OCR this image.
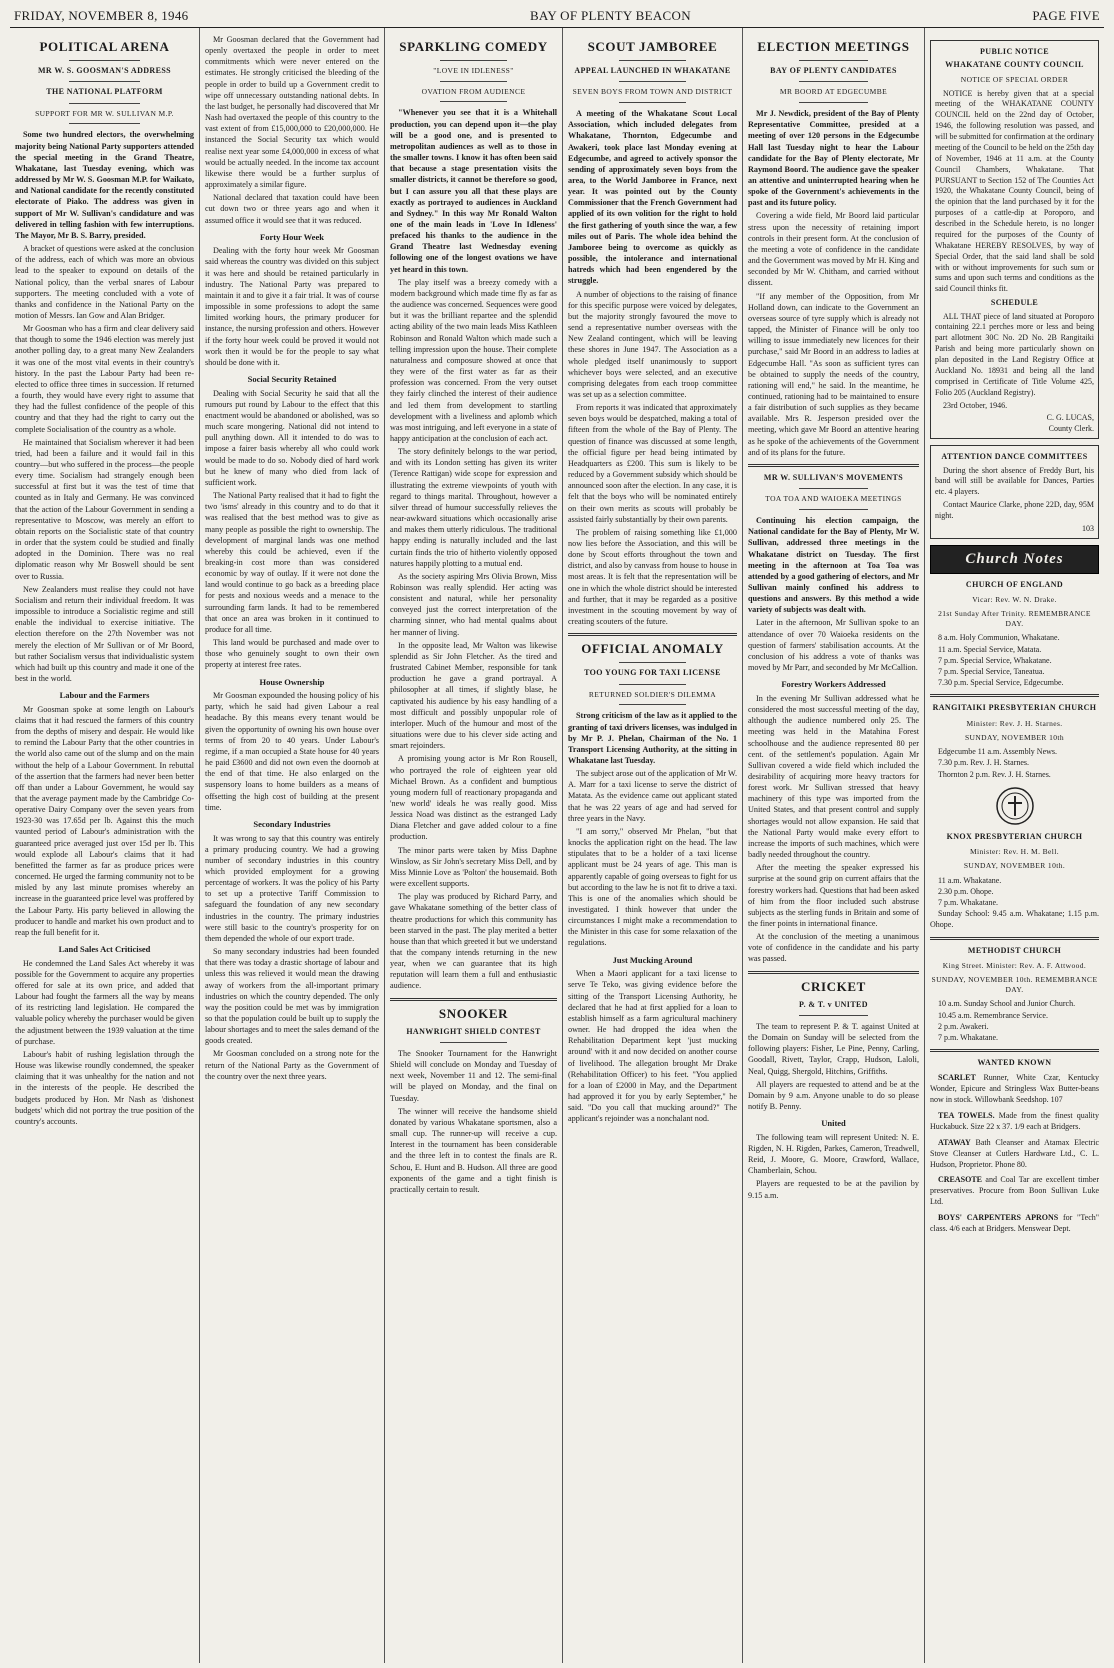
FRIDAY, NOVEMBER 8, 1946	BAY OF PLENTY BEACON	PAGE FIVE
POLITICAL ARENA
MR W. S. GOOSMAN'S ADDRESS
THE NATIONAL PLATFORM
SUPPORT FOR MR W. SULLIVAN M.P.

Some two hundred electors, the overwhelming majority being National Party supporters attended the special meeting in the Grand Theatre, Whakatane, last Tuesday evening, which was addressed by Mr W. S. Goosman M.P. for Waikato, and National candidate for the recently constituted electorate of Piako. The address was given in support of Mr W. Sullivan's candidature and was delivered in telling fashion with few interruptions. The Mayor, Mr B. S. Barry, presided.

A bracket of questions were asked at the conclusion of the address, each of which was more an obvious lead to the speaker to expound on details of the National policy, than the verbal snares of Labour supporters. The meeting concluded with a vote of thanks and confidence in the National Party on the motion of Messrs. Ian Gow and Alan Bridger.

Mr Goosman who has a firm and clear delivery said that though to some the 1946 election was merely just another polling day, to a great many New Zealanders it was one of the most vital events in their country's history. In the past the Labour Party had been re-elected to office three times in succession. If returned a fourth, they would have every right to assume that they had the fullest confidence of the people of this country and that they had the right to carry out the complete Socialisation of the country as a whole.

He maintained that Socialism wherever it had been tried, had been a failure and it would fail in this country—but who suffered in the process—the people every time. Socialism had strangely enough been successful at first but it was the test of time that counted as in Italy and Germany. He was convinced that the action of the Labour Government in sending a representative to Moscow, was merely an effort to obtain reports on the Socialistic state of that country in order that the system could be studied and finally adopted in the Dominion. There was no real diplomatic reason why Mr Boswell should be sent over to Russia.

New Zealanders must realise they could not have Socialism and return their individual freedom. It was impossible to introduce a Socialistic regime and still enable the individual to exercise initiative. The election therefore on the 27th November was not merely the election of Mr Sullivan or of Mr Boord, but rather Socialism versus that individualistic system which had built up this country and made it one of the best in the world.

Labour and the Farmers

Mr Goosman spoke at some length on Labour's claims that it had rescued the farmers of this country from the depths of misery and despair. He would like to remind the Labour Party that the other countries in the world also came out of the slump and on the main without the help of a Labour Government. In rebuttal of the assertion that the farmers had never been better off than under a Labour Government, he would say that the average payment made by the Cambridge Co-operative Dairy Company over the seven years from 1923-30 was 17.65d per lb. Against this the much vaunted period of Labour's administration with the guaranteed price averaged just over 15d per lb. This would explode all Labour's claims that it had benefitted the farmer as far as produce prices were concerned. He urged the farming community not to be misled by any last minute promises whereby an increase in the guaranteed price level was proffered by the Labour Party. His party believed in allowing the producer to handle and market his own product and to reap the full benefit for it.

Land Sales Act Criticised

He condemned the Land Sales Act whereby it was possible for the Government to acquire any properties offered for sale at its own price, and added that Labour had fought the farmers all the way by means of its restricting land legislation. He compared the valuable policy whereby the purchaser would be given the adjustment between the 1939 valuation at the time of purchase.

Labour's habit of rushing legislation through the House was likewise roundly condemned, the speaker claiming that it was unhealthy for the nation and not in the interests of the people. He described the budgets produced by Hon. Mr Nash as 'dishonest budgets' which did not portray the true position of the country's accounts.

Mr Goosman declared that the Government had openly overtaxed the people in order to meet commitments which were never entered on the estimates. He strongly criticised the bleeding of the people in order to build up a Government credit to wipe off unnecessary outstanding national debts. In the last budget, he personally had discovered that Mr Nash had overtaxed the people of this country to the vast extent of from £15,000,000 to £20,000,000. He instanced the Social Security tax which would realise next year some £4,000,000 in excess of what would be actually needed. In the income tax account likewise there would be a further surplus of approximately a similar figure.

National declared that taxation could have been cut down two or three years ago and when it assumed office it would see that it was reduced.

Forty Hour Week

Dealing with the forty hour week Mr Goosman said whereas the country was divided on this subject it was here and should be retained particularly in industry. The National Party was prepared to maintain it and to give it a fair trial. It was of course impossible in some professions to adopt the same limited working hours, the primary producer for instance, the nursing profession and others. However if the forty hour week could be proved it would not work then it would be for the people to say what should be done with it.

Social Security Retained

Dealing with Social Security he said that all the rumours put round by Labour to the effect that this enactment would be abandoned or abolished, was so much scare mongering. National did not intend to pull anything down. All it intended to do was to impose a fairer basis whereby all who could work would be made to do so. Nobody died of hard work but he knew of many who died from lack of sufficient work.

The National Party realised that it had to fight the two 'isms' already in this country and to do that it was realised that the best method was to give as many people as possible the right to ownership. The development of marginal lands was one method whereby this could be achieved, even if the breaking-in cost more than was considered economic by way of outlay. If it were not done the land would continue to go back as a breeding place for pests and noxious weeds and a menace to the surrounding farm lands. It had to be remembered that once an area was broken in it continued to produce for all time.

This land would be purchased and made over to those who genuinely sought to own their own property at interest free rates.

House Ownership

Mr Goosman expounded the housing policy of his party, which he said had given Labour a real headache. By this means every tenant would be given the opportunity of owning his own house over terms of from 20 to 40 years. Under Labour's regime, if a man occupied a State house for 40 years he paid £3600 and did not own even the doornob at the end of that time. He also enlarged on the suspensory loans to home builders as a means of offsetting the high cost of building at the present time.

Secondary Industries

It was wrong to say that this country was entirely a primary producing country. We had a growing number of secondary industries in this country which provided employment for a growing percentage of workers. It was the policy of his Party to set up a protective Tariff Commission to safeguard the foundation of any new secondary industries in the country. The primary industries were still basic to the country's prosperity for on them depended the whole of our export trade.

So many secondary industries had been founded that there was today a drastic shortage of labour and unless this was relieved it would mean the drawing away of workers from the all-important primary industries on which the country depended. The only way the position could be met was by immigration so that the population could be built up to supply the labour shortages and to meet the sales demand of the goods created.

Mr Goosman concluded on a strong note for the return of the National Party as the Government of the country over the next three years.

SPARKLING COMEDY
"LOVE IN IDLENESS"
OVATION FROM AUDIENCE

"Whenever you see that it is a Whitehall production, you can depend upon it—the play will be a good one, and is presented to metropolitan audiences as well as to those in the smaller towns. I know it has often been said that because a stage presentation visits the smaller districts, it cannot be therefore so good, but I can assure you all that these plays are exactly as portrayed to audiences in Auckland and Sydney." In this way Mr Ronald Walton one of the main leads in 'Love In Idleness' prefaced his thanks to the audience in the Grand Theatre last Wednesday evening following one of the longest ovations we have yet heard in this town.

The play itself was a breezy comedy with a modern background which made time fly as far as the audience was concerned. Sequences were good but it was the brilliant repartee and the splendid acting ability of the two main leads Miss Kathleen Robinson and Ronald Walton which made such a telling impression upon the house. Their complete naturalness and composure showed at once that they were of the first water as far as their profession was concerned. From the very outset they fairly clinched the interest of their audience and led them from development to startling development with a liveliness and aplomb which was most intriguing, and left everyone in a state of happy anticipation at the conclusion of each act.

The story definitely belongs to the war period, and with its London setting has given its writer (Terence Rattigan) wide scope for expression and illustrating the extreme viewpoints of youth with regard to things marital. Throughout, however a silver thread of humour successfully relieves the near-awkward situations which occasionally arise and makes them utterly ridiculous. The traditional happy ending is naturally included and the last curtain finds the trio of hitherto violently opposed natures happily plotting to a mutual end.

As the society aspiring Mrs Olivia Brown, Miss Robinson was really splendid. Her acting was consistent and natural, while her personality conveyed just the correct interpretation of the charming sinner, who had mental qualms about her manner of living.

In the opposite lead, Mr Walton was likewise splendid as Sir John Fletcher. As the tired and frustrated Cabinet Member, responsible for tank production he gave a grand portrayal. A philosopher at all times, if slightly blase, he captivated his audience by his easy handling of a most difficult and possibly unpopular role of interloper. Much of the humour and most of the situations were due to his clever side acting and smart rejoinders.

A promising young actor is Mr Ron Rousell, who portrayed the role of eighteen year old Michael Brown. As a confident and bumptious young modern full of reactionary propaganda and 'new world' ideals he was really good. Miss Jessica Noad was distinct as the estranged Lady Diana Fletcher and gave added colour to a fine production.

The minor parts were taken by Miss Daphne Winslow, as Sir John's secretary Miss Dell, and by Miss Minnie Love as 'Polton' the housemaid. Both were excellent supports.

The play was produced by Richard Parry, and gave Whakatane something of the better class of theatre productions for which this community has been starved in the past. The play merited a better house than that which greeted it but we understand that the company intends returning in the new year, when we can guarantee that its high reputation will learn them a full and enthusiastic audience.

SNOOKER
HANWRIGHT SHIELD CONTEST

The Snooker Tournament for the Hanwright Shield will conclude on Monday and Tuesday of next week, November 11 and 12. The semi-final will be played on Monday, and the final on Tuesday.

The winner will receive the handsome shield donated by various Whakatane sportsmen, also a small cup. The runner-up will receive a cup. Interest in the tournament has been considerable and the three left in to contest the finals are R. Schou, E. Hunt and B. Hudson. All three are good exponents of the game and a tight finish is practically certain to result.

SCOUT JAMBOREE
APPEAL LAUNCHED IN WHAKATANE
SEVEN BOYS FROM TOWN AND DISTRICT

A meeting of the Whakatane Scout Local Association, which included delegates from Whakatane, Thornton, Edgecumbe and Awakeri, took place last Monday evening at Edgecumbe, and agreed to actively sponsor the sending of approximately seven boys from the area, to the World Jamboree in France, next year. It was pointed out by the County Commissioner that the French Government had applied of its own volition for the right to hold the first gathering of youth since the war, a few miles out of Paris. The whole idea behind the Jamboree being to overcome as quickly as possible, the intolerance and international hatreds which had been engendered by the struggle.

A number of objections to the raising of finance for this specific purpose were voiced by delegates, but the majority strongly favoured the move to send a representative number overseas with the New Zealand contingent, which will be leaving these shores in June 1947. The Association as a whole pledged itself unanimously to support whichever boys were selected, and an executive comprising delegates from each troop committee was set up as a selection committee.

From reports it was indicated that approximately seven boys would be despatched, making a total of fifteen from the whole of the Bay of Plenty. The question of finance was discussed at some length, the official figure per head being intimated by Headquarters as £200. This sum is likely to be reduced by a Government subsidy which should be announced soon after the election. In any case, it is felt that the boys who will be nominated entirely on their own merits as scouts will probably be assisted fairly substantially by their own parents.

The problem of raising something like £1,000 now lies before the Association, and this will be done by Scout efforts throughout the town and district, and also by canvass from house to house in most areas. It is felt that the representation will be one in which the whole district should be interested and further, that it may be regarded as a positive investment in the scouting movement by way of creating scouters of the future.

OFFICIAL ANOMALY
TOO YOUNG FOR TAXI LICENSE
RETURNED SOLDIER'S DILEMMA

Strong criticism of the law as it applied to the granting of taxi drivers licenses, was indulged in by Mr P. J. Phelan, Chairman of the No. 1 Transport Licensing Authority, at the sitting in Whakatane last Tuesday.

The subject arose out of the application of Mr W. A. Marr for a taxi license to serve the district of Matata. As the evidence came out applicant stated that he was 22 years of age and had served for three years in the Navy.

"I am sorry," observed Mr Phelan, "but that knocks the application right on the head. The law stipulates that to be a holder of a taxi license applicant must be 24 years of age. This man is apparently capable of going overseas to fight for us but according to the law he is not fit to drive a taxi. This is one of the anomalies which should be investigated. I think however that under the circumstances I might make a recommendation to the Minister in this case for some relaxation of the regulations.

Just Mucking Around

When a Maori applicant for a taxi license to serve Te Teko, was giving evidence before the sitting of the Transport Licensing Authority, he declared that he had at first applied for a loan to establish himself as a farm agricultural machinery owner. He had dropped the idea when the Rehabilitation Department kept 'just mucking around' with it and now decided on another course of livelihood. The allegation brought Mr Drake (Rehabilitation Officer) to his feet. "You applied for a loan of £2000 in May, and the Department had approved it for you by early September," he said. "Do you call that mucking around?" The applicant's rejoinder was a nonchalant nod.

ELECTION MEETINGS
BAY OF PLENTY CANDIDATES
MR BOORD AT EDGECUMBE

Mr J. Newdick, president of the Bay of Plenty Representative Committee, presided at a meeting of over 120 persons in the Edgecumbe Hall last Tuesday night to hear the Labour candidate for the Bay of Plenty electorate, Mr Raymond Boord. The audience gave the speaker an attentive and uninterrupted hearing when he spoke of the Government's achievements in the past and its future policy.

Covering a wide field, Mr Boord laid particular stress upon the necessity of retaining import controls in their present form. At the conclusion of the meeting a vote of confidence in the candidate and the Government was moved by Mr H. King and seconded by Mr W. Chitham, and carried without dissent.

"If any member of the Opposition, from Mr Holland down, can indicate to the Government an overseas source of tyre supply which is already not tapped, the Minister of Finance will be only too willing to issue immediately new licences for their purchase," said Mr Boord in an address to ladies at Edgecumbe Hall. "As soon as sufficient tyres can be obtained to supply the needs of the country, rationing will end," he said. In the meantime, he continued, rationing had to be maintained to ensure a fair distribution of such supplies as they became available. Mrs R. Jesperson presided over the meeting, which gave Mr Boord an attentive hearing as he spoke of the achievements of the Government and of its plans for the future.

MR W. SULLIVAN'S MOVEMENTS
TOA TOA AND WAIOEKA MEETINGS

Continuing his election campaign, the National candidate for the Bay of Plenty, Mr W. Sullivan, addressed three meetings in the Whakatane district on Tuesday. The first meeting in the afternoon at Toa Toa was attended by a good gathering of electors, and Mr Sullivan mainly confined his address to questions and answers. By this method a wide variety of subjects was dealt with.

Later in the afternoon, Mr Sullivan spoke to an attendance of over 70 Waioeka residents on the question of farmers' stabilisation accounts. At the conclusion of his address a vote of thanks was moved by Mr Parr, and seconded by Mr McCallion.

Forestry Workers Addressed

In the evening Mr Sullivan addressed what he considered the most successful meeting of the day, although the audience numbered only 25. The meeting was held in the Matahina Forest schoolhouse and the audience represented 80 per cent. of the settlement's population. Again Mr Sullivan covered a wide field which included the desirability of acquiring more heavy tractors for forest work. Mr Sullivan stressed that heavy machinery of this type was imported from the United States, and that present control and supply shortages would not allow expansion. He said that the National Party would make every effort to increase the imports of such machines, which were badly needed throughout the country.

After the meeting the speaker expressed his surprise at the sound grip on current affairs that the forestry workers had. Questions that had been asked of him from the floor included such abstruse subjects as the sterling funds in Britain and some of the finer points in international finance.

At the conclusion of the meeting a unanimous vote of confidence in the candidate and his party was passed.

CRICKET
P. & T. v UNITED

The team to represent P. & T. against United at the Domain on Sunday will be selected from the following players: Fisher, Le Pine, Penny, Carling, Goodall, Rivett, Taylor, Crapp, Hudson, Laloli, Neal, Quigg, Shergold, Hitchins, Griffiths.

All players are requested to attend and be at the Domain by 9 a.m. Anyone unable to do so please notify B. Penny.

United

The following team will represent United: N. E. Rigden, N. H. Rigden, Parkes, Cameron, Treadwell, Reid, J. Moore, G. Moore, Crawford, Wallace, Chamberlain, Schou.

Players are requested to be at the pavilion by 9.15 a.m.

PUBLIC NOTICE
WHAKATANE COUNTY COUNCIL
NOTICE OF SPECIAL ORDER

NOTICE is hereby given that at a special meeting of the WHAKATANE COUNTY COUNCIL held on the 22nd day of October, 1946, the following resolution was passed, and will be submitted for confirmation at the ordinary meeting of the Council to be held on the 25th day of November, 1946 at 11 a.m. at the County Council Chambers, Whakatane. That PURSUANT to Section 152 of The Counties Act 1920, the Whakatane County Council, being of the opinion that the land purchased by it for the purposes of a cattle-dip at Poroporo, and described in the Schedule hereto, is no longer required for the purposes of the County of Whakatane HEREBY RESOLVES, by way of Special Order, that the said land shall be sold with or without improvements for such sum or sums and upon such terms and conditions as the said Council thinks fit.

SCHEDULE

ALL THAT piece of land situated at Poroporo containing 22.1 perches more or less and being part allotment 30C No. 2D No. 2B Rangitaiki Parish and being more particularly shown on plan deposited in the Land Registry Office at Auckland No. 18931 and being all the land comprised in Certificate of Title Volume 425, Folio 205 (Auckland Registry).

23rd October, 1946.

C. G. LUCAS,

County Clerk.

ATTENTION DANCE COMMITTEES

During the short absence of Freddy Burt, his band will still be available for Dances, Parties etc. 4 players.

Contact Maurice Clarke, phone 22D, day, 95M night.

103

Church Notes
CHURCH OF ENGLAND
Vicar: Rev. W. N. Drake.
21st Sunday After Trinity. REMEMBRANCE DAY.

8 a.m. Holy Communion, Whakatane.

11 a.m. Special Service, Matata.

7 p.m. Special Service, Whakatane.

7 p.m. Special Service, Taneatua.

7.30 p.m. Special Service, Edgecumbe.

RANGITAIKI PRESBYTERIAN CHURCH
Minister: Rev. J. H. Starnes.
SUNDAY, NOVEMBER 10th

Edgecumbe 11 a.m. Assembly News.

7.30 p.m. Rev. J. H. Starnes.

Thornton 2 p.m. Rev. J. H. Starnes.

KNOX PRESBYTERIAN CHURCH
Minister: Rev. H. M. Bell.
SUNDAY, NOVEMBER 10th.

11 a.m. Whakatane.

2.30 p.m. Ohope.

7 p.m. Whakatane.

Sunday School: 9.45 a.m. Whakatane; 1.15 p.m. Ohope.

METHODIST CHURCH
King Street. Minister: Rev. A. F. Attwood.
SUNDAY, NOVEMBER 10th. REMEMBRANCE DAY.

10 a.m. Sunday School and Junior Church.

10.45 a.m. Remembrance Service.

2 p.m. Awakeri.

7 p.m. Whakatane.

WANTED KNOWN

SCARLET Runner, White Czar, Kentucky Wonder, Epicure and Stringless Wax Butter-beans now in stock. Willowbank Seedshop. 107

TEA TOWELS. Made from the finest quality Huckabuck. Size 22 x 37. 1/9 each at Bridgers.

ATAWAY Bath Cleanser and Atamax Electric Stove Cleanser at Cutlers Hardware Ltd., C. L. Hudson, Proprietor. Phone 80.

CREASOTE and Coal Tar are excellent timber preservatives. Procure from Boon Sullivan Luke Ltd.

BOYS' CARPENTERS APRONS for "Tech" class. 4/6 each at Bridgers. Menswear Dept.
